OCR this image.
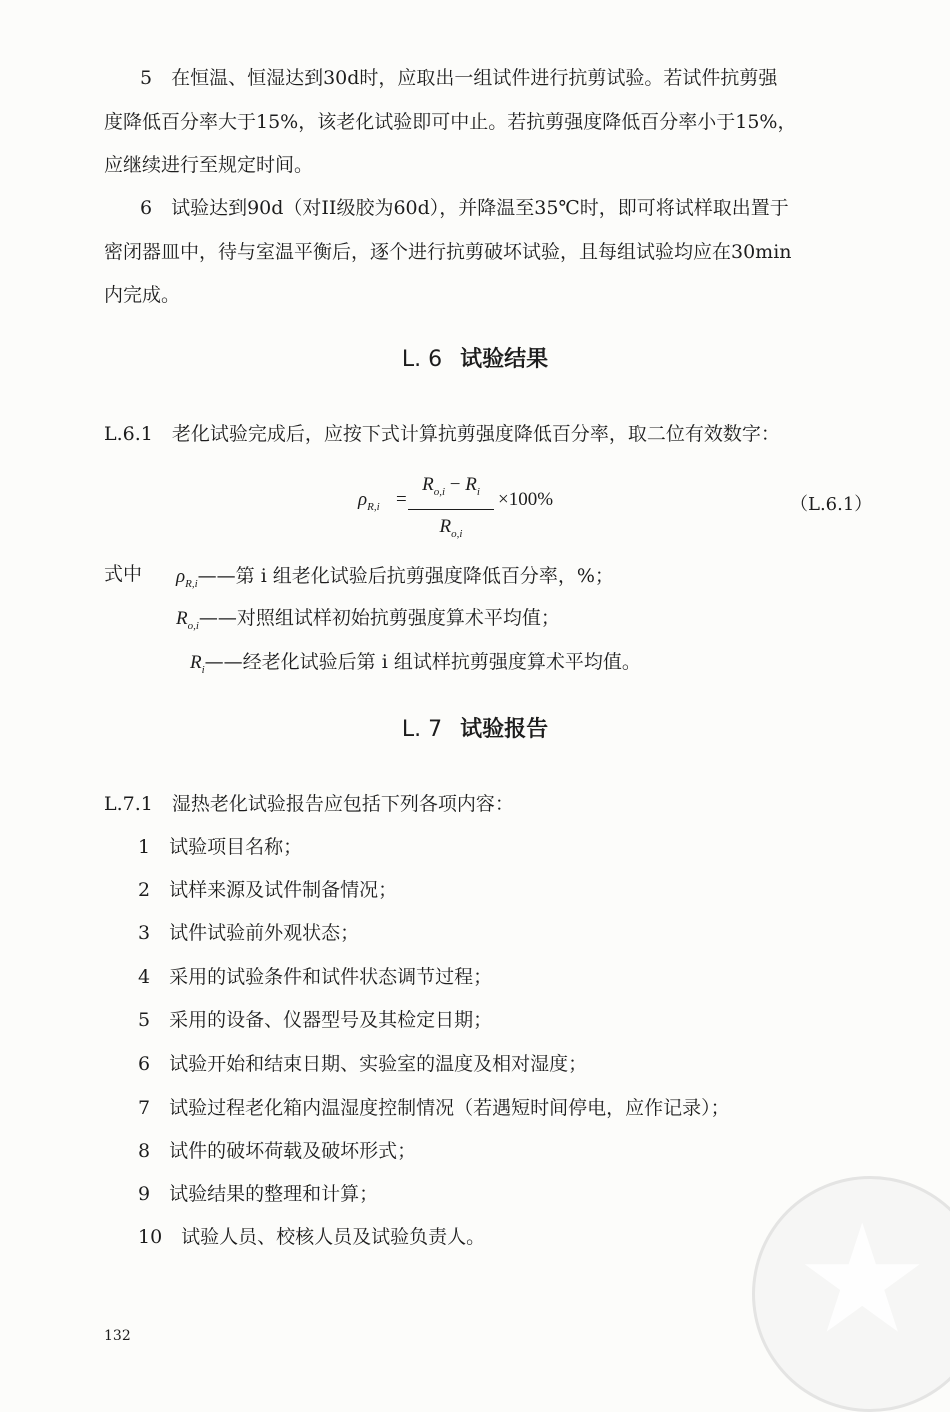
5　在恒温、恒湿达到30d时，应取出一组试件进行抗剪试验。若试件抗剪强
度降低百分率大于15%，该老化试验即可中止。若抗剪强度降低百分率小于15%，
应继续进行至规定时间。
6　试验达到90d（对II级胶为60d），并降温至35℃时，即可将试样取出置于
密闭器皿中，待与室温平衡后，逐个进行抗剪破坏试验，且每组试验均应在30min
内完成。
L. 6 试验结果
L.6.1　老化试验完成后，应按下式计算抗剪强度降低百分率，取二位有效数字：
$\rho_{R,i}$ =
$R_{o,i} - R_i$
$R_{o,i}$
×100%	（L.6.1）
式中 $\rho_{R,i}——$第 i 组老化试验后抗剪强度降低百分率，%；
$R_{o,i}——$对照组试样初始抗剪强度算术平均值；
$R_i——$经老化试验后第 i 组试样抗剪强度算术平均值。
L. 7 试验报告
L.7.1　湿热老化试验报告应包括下列各项内容：
1　试验项目名称；
2　试样来源及试件制备情况；
3　试件试验前外观状态；
4　采用的试验条件和试件状态调节过程；
5　采用的设备、仪器型号及其检定日期；
6　试验开始和结束日期、实验室的温度及相对湿度；
7　试验过程老化箱内温湿度控制情况（若遇短时间停电，应作记录）；
8　试件的破坏荷载及破坏形式；
9　试验结果的整理和计算；
10　试验人员、校核人员及试验负责人。 ★
132
